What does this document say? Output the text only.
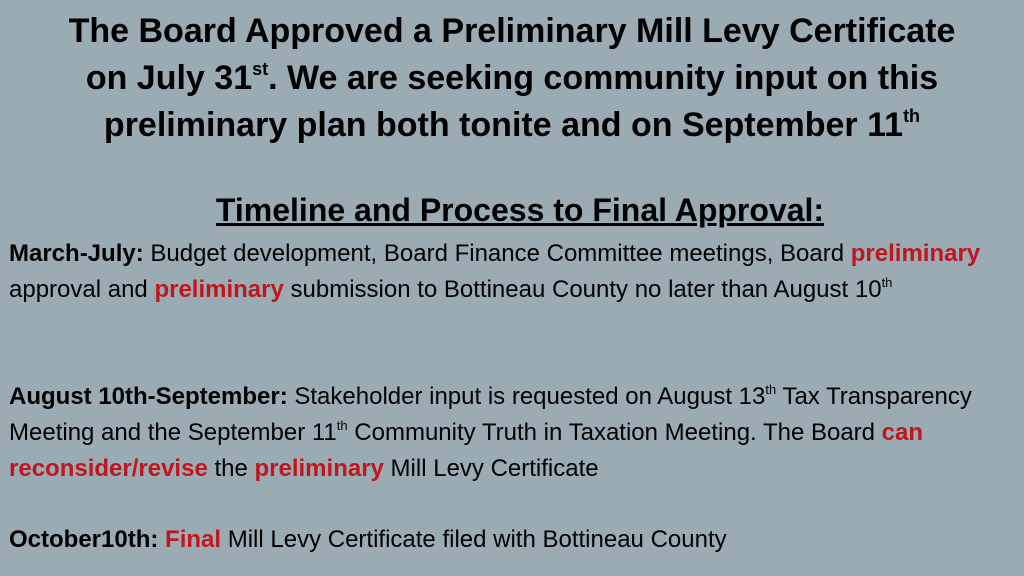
The Board Approved a Preliminary Mill Levy Certificate
on July 31st. We are seeking community input on this
preliminary plan both tonite and on September 11th
Timeline and Process to Final Approval:
March-July: Budget development, Board Finance Committee meetings, Board preliminary approval and preliminary submission to Bottineau County no later than August 10th
August 10th-September: Stakeholder input is requested on August 13th Tax Transparency Meeting and the September 11th Community Truth in Taxation Meeting. The Board can reconsider/revise the preliminary Mill Levy Certificate
October10th: Final Mill Levy Certificate filed with Bottineau County
